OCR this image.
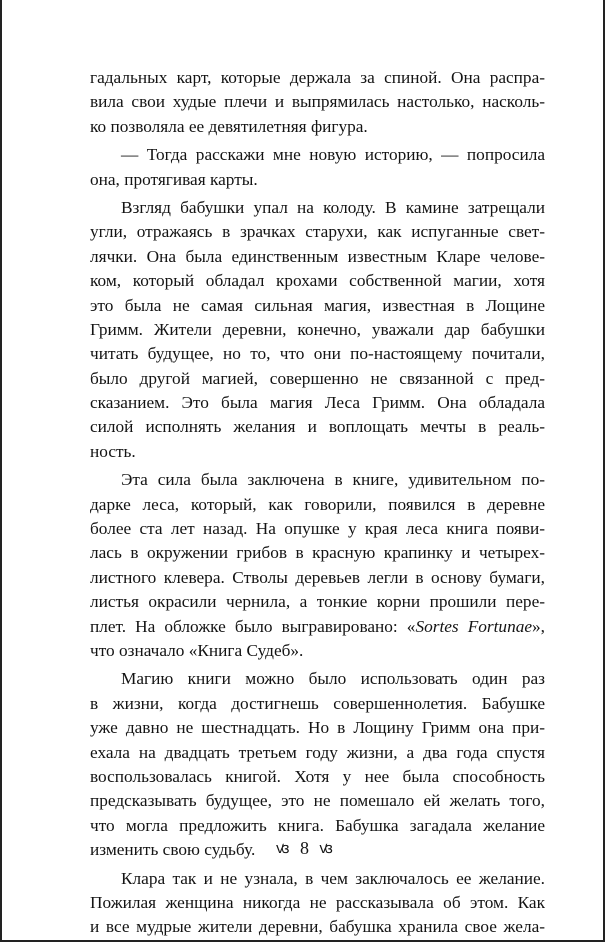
гадальных карт, которые держала за спиной. Она распра-
вила свои худые плечи и выпрямилась настолько, насколь-
ко позволяла ее девятилетняя фигура.
— Тогда расскажи мне новую историю, — попросила
она, протягивая карты.
Взгляд бабушки упал на колоду. В камине затрещали
угли, отражаясь в зрачках старухи, как испуганные свет-
лячки. Она была единственным известным Кларе челове-
ком, который обладал крохами собственной магии, хотя
это была не самая сильная магия, известная в Лощине
Гримм. Жители деревни, конечно, уважали дар бабушки
читать будущее, но то, что они по-настоящему почитали,
было другой магией, совершенно не связанной с пред-
сказанием. Это была магия Леса Гримм. Она обладала
силой исполнять желания и воплощать мечты в реаль-
ность.
Эта сила была заключена в книге, удивительном по-
дарке леса, который, как говорили, появился в деревне
более ста лет назад. На опушке у края леса книга появи-
лась в окружении грибов в красную крапинку и четырех-
листного клевера. Стволы деревьев легли в основу бумаги,
листья окрасили чернила, а тонкие корни прошили пере-
плет. На обложке было выгравировано: «Sortes Fortunae»,
что означало «Книга Судеб».
Магию книги можно было использовать один раз
в жизни, когда достигнешь совершеннолетия. Бабушке
уже давно не шестнадцать. Но в Лощину Гримм она при-
ехала на двадцать третьем году жизни, а два года спустя
воспользовалась книгой. Хотя у нее была способность
предсказывать будущее, это не помешало ей желать того,
что могла предложить книга. Бабушка загадала желание
изменить свою судьбу.
Клара так и не узнала, в чем заключалось ее желание.
Пожилая женщина никогда не рассказывала об этом. Как
и все мудрые жители деревни, бабушка хранила свое жела-
ꟃ 8 ꟃ
